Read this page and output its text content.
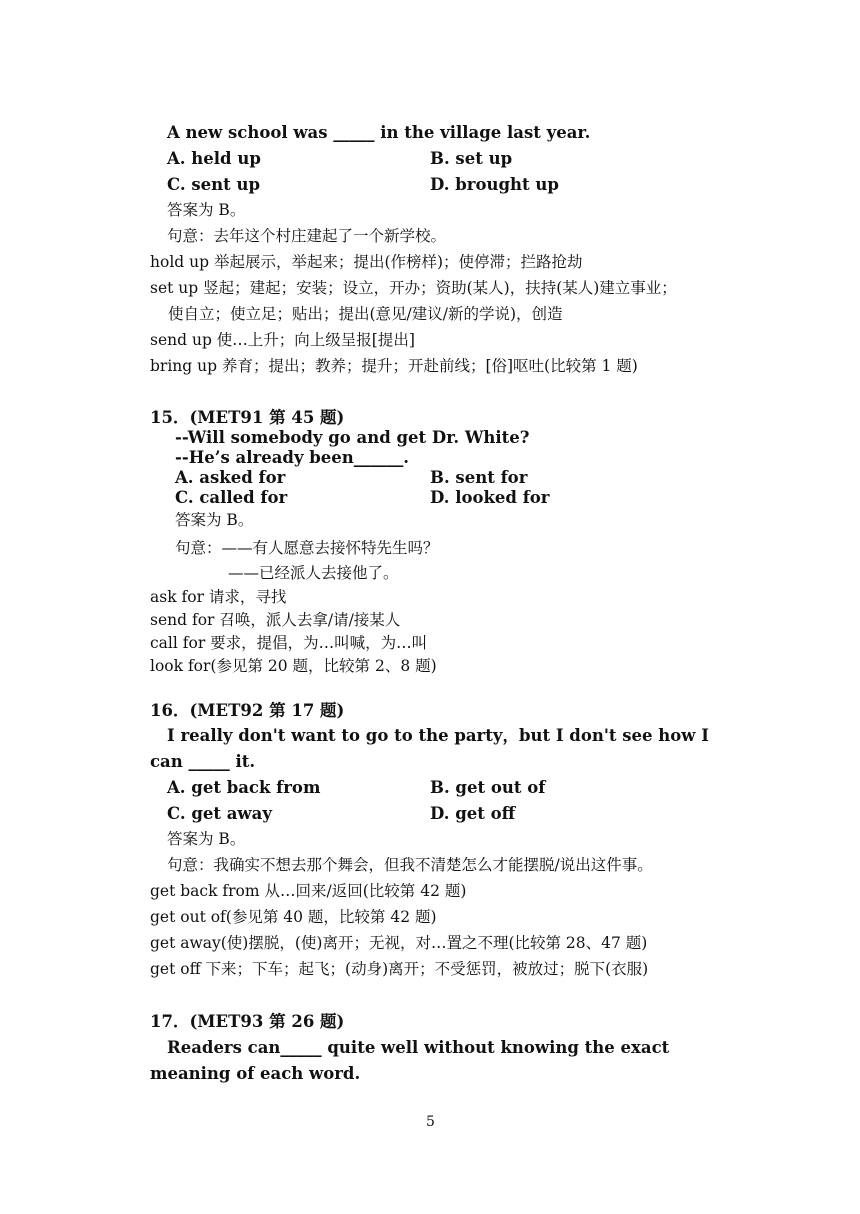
A new school was _____ in the village last year.
A. held up	B. set up
C. sent up	D. brought up
答案为 B。
句意：去年这个村庄建起了一个新学校。
hold up 举起展示，举起来；提出(作榜样)；使停滞；拦路抢劫
set up 竖起；建起；安装；设立，开办；资助(某人)，扶持(某人)建立事业；
使自立；使立足；贴出；提出(意见/建议/新的学说)，创造
send up 使…上升；向上级呈报[提出]
bring up 养育；提出；教养；提升；开赴前线；[俗]呕吐(比较第 1 题)
15．(MET91 第 45 题)
--Will somebody go and get Dr. White?
--He’s already been______.
A. asked for	B. sent for
C. called for	D. looked for
答案为 B。
句意：——有人愿意去接怀特先生吗？
——已经派人去接他了。
ask for 请求，寻找
send for 召唤，派人去拿/请/接某人
call for 要求，提倡，为…叫喊，为…叫
look for(参见第 20 题，比较第 2、8 题)
16．(MET92 第 17 题)
I really don't want to go to the party，but I don't see how I
can _____ it.
A. get back from	B. get out of
C. get away	D. get off
答案为 B。
句意：我确实不想去那个舞会，但我不清楚怎么才能摆脱/说出这件事。
get back from 从…回来/返回(比较第 42 题)
get out of(参见第 40 题，比较第 42 题)
get away(使)摆脱，(使)离开；无视，对…置之不理(比较第 28、47 题)
get off 下来；下车；起飞；(动身)离开；不受惩罚，被放过；脱下(衣服)
17．(MET93 第 26 题)
Readers can_____ quite well without knowing the exact
meaning of each word.
5
